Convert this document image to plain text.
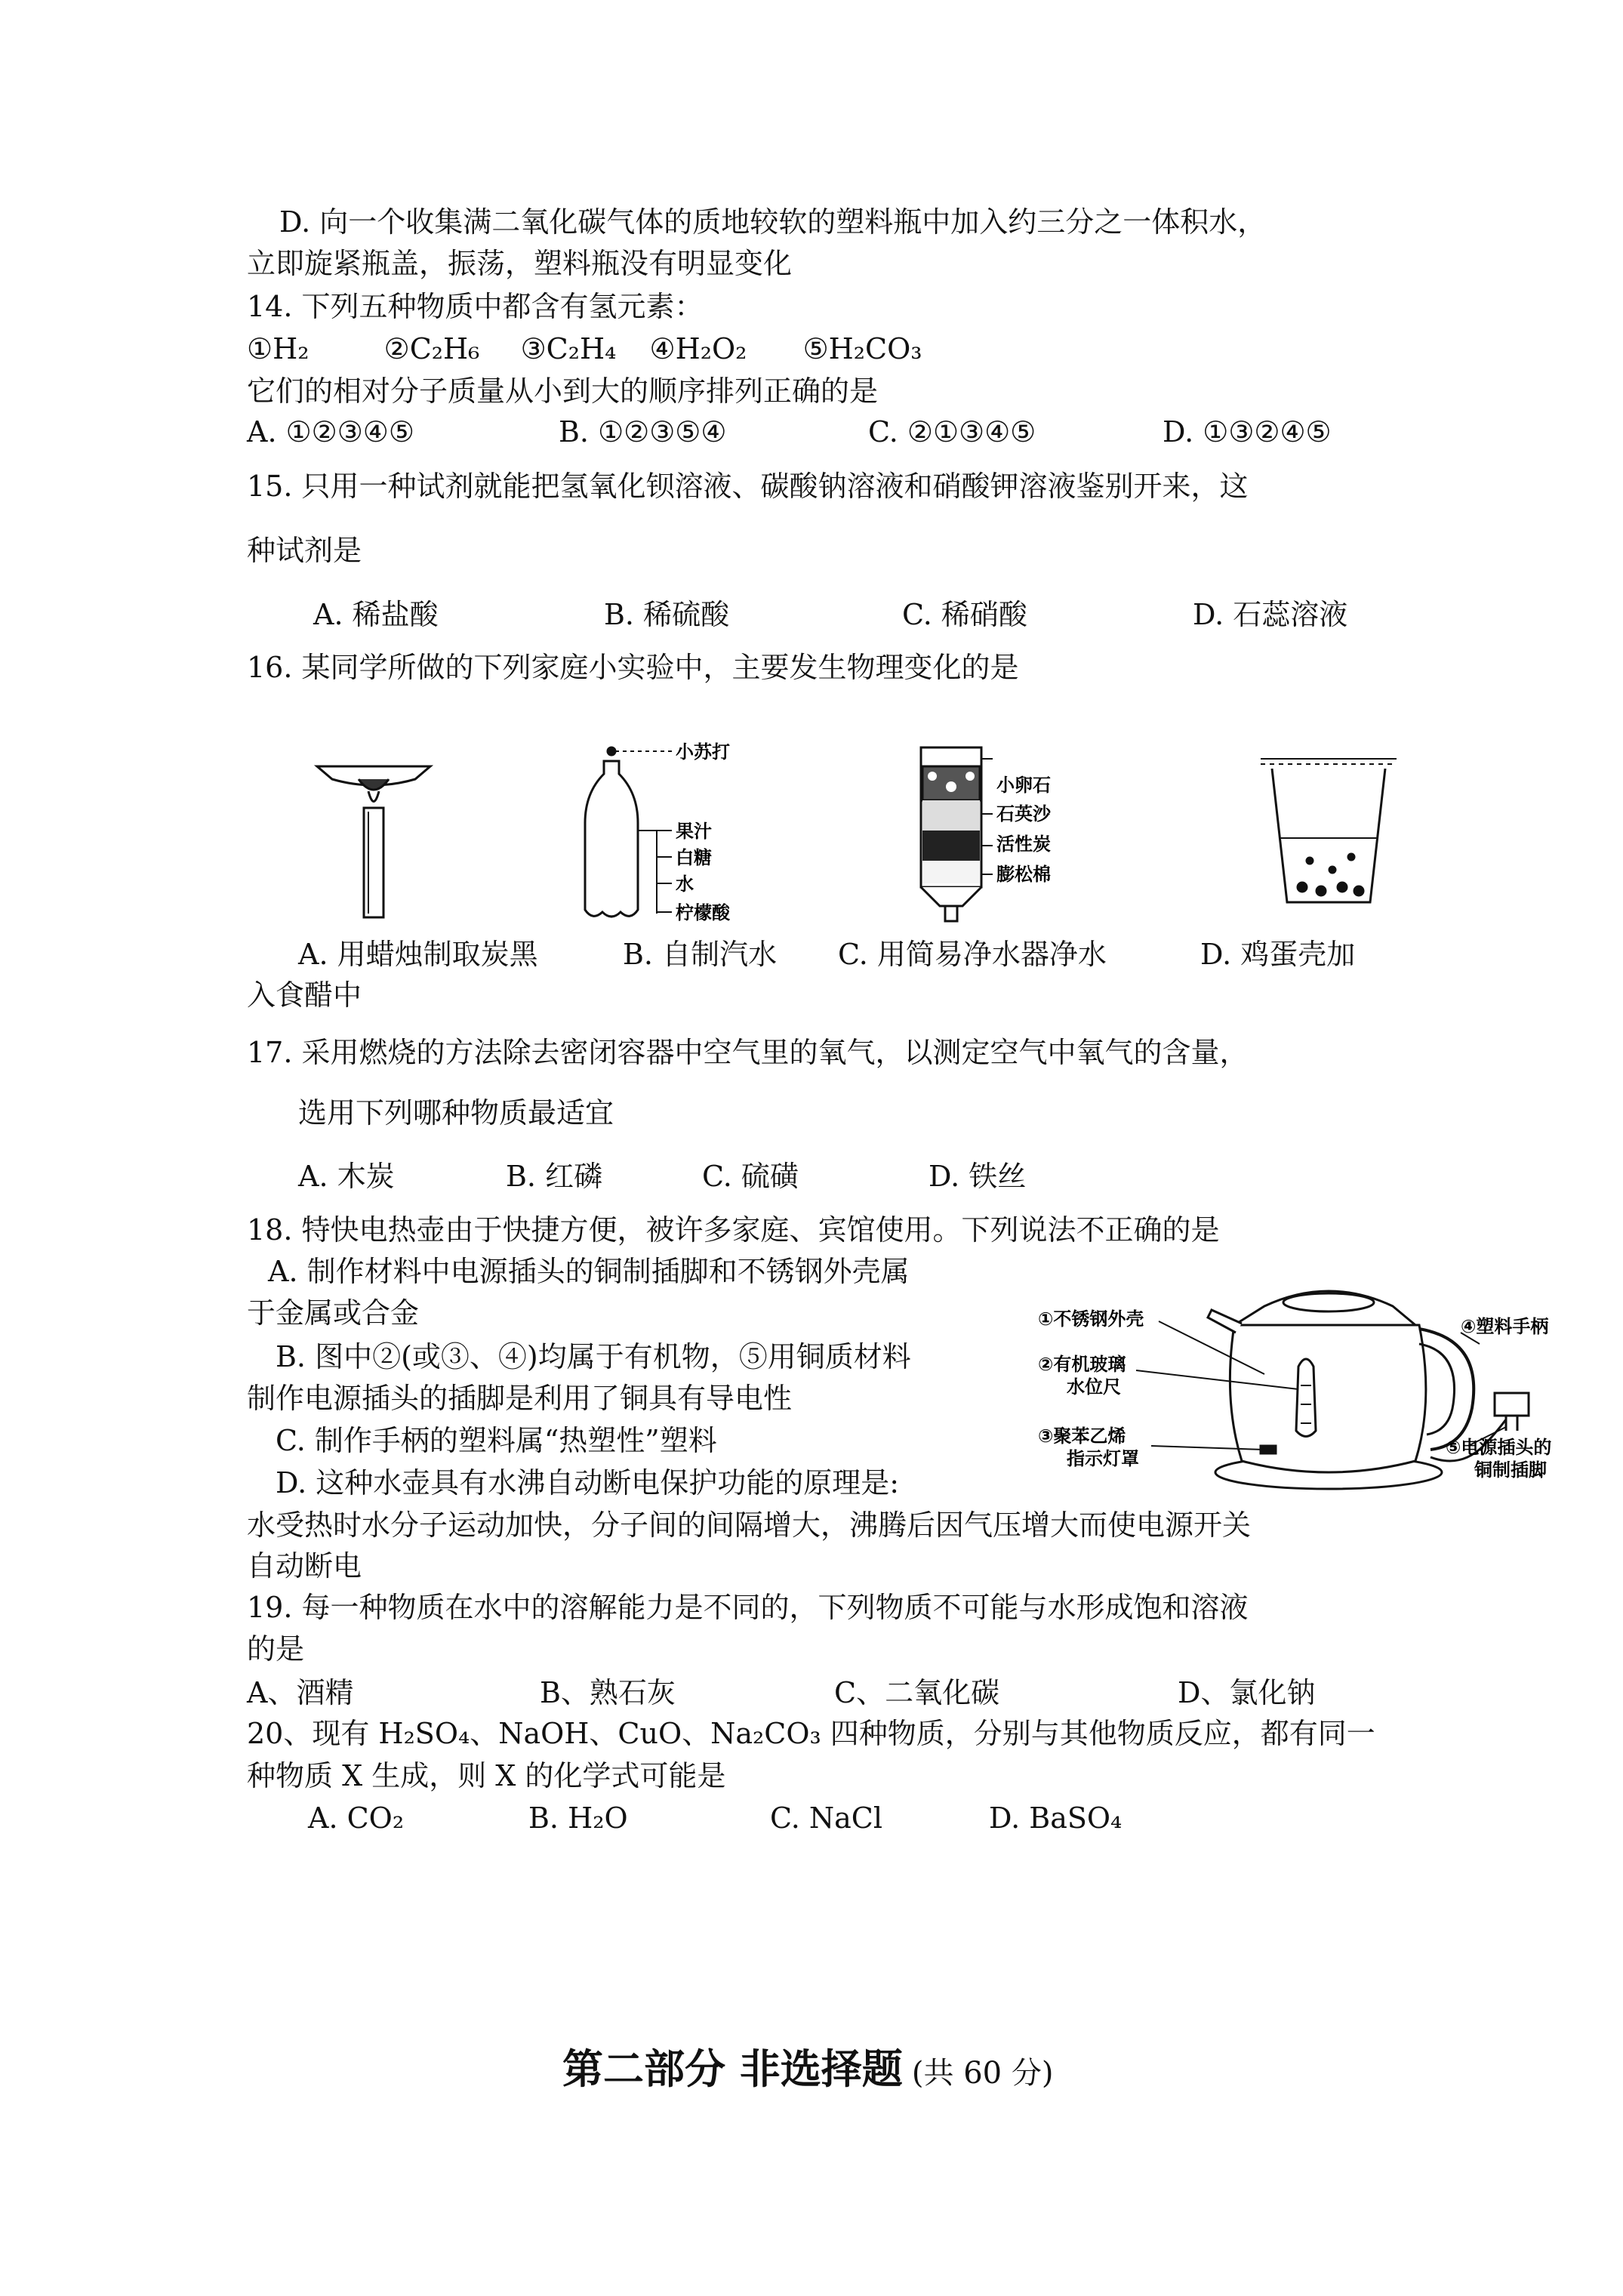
D. 向一个收集满二氧化碳气体的质地较软的塑料瓶中加入约三分之一体积水，
立即旋紧瓶盖，振荡，塑料瓶没有明显变化
14. 下列五种物质中都含有氢元素：
①H₂	②C₂H₆ ③C₂H₄ ④H₂O₂ ⑤H₂CO₃
它们的相对分子质量从小到大的顺序排列正确的是
A. ①②③④⑤	B. ①②③⑤④	C. ②①③④⑤	D. ①③②④⑤
15. 只用一种试剂就能把氢氧化钡溶液、碳酸钠溶液和硝酸钾溶液鉴别开来，这
种试剂是
A. 稀盐酸	B. 稀硫酸	C. 稀硝酸	D. 石蕊溶液
16. 某同学所做的下列家庭小实验中，主要发生物理变化的是
小苏打
果汁
白糖
水
柠檬酸
小卵石
石英沙
活性炭
膨松棉
A. 用蜡烛制取炭黑	B. 自制汽水 C. 用简易净水器净水	D. 鸡蛋壳加
入食醋中
17. 采用燃烧的方法除去密闭容器中空气里的氧气，以测定空气中氧气的含量，
选用下列哪种物质最适宜
A. 木炭	B. 红磷	C. 硫磺	D. 铁丝
18. 特快电热壶由于快捷方便，被许多家庭、宾馆使用。下列说法不正确的是
A. 制作材料中电源插头的铜制插脚和不锈钢外壳属
于金属或合金
B. 图中②(或③、④)均属于有机物，⑤用铜质材料
制作电源插头的插脚是利用了铜具有导电性
C. 制作手柄的塑料属“热塑性”塑料
D. 这种水壶具有水沸自动断电保护功能的原理是:
水受热时水分子运动加快，分子间的间隔增大，沸腾后因气压增大而使电源开关
自动断电
①不锈钢外壳
②有机玻璃
水位尺
③聚苯乙烯
指示灯罩
④塑料手柄
⑤电源插头的
铜制插脚
19. 每一种物质在水中的溶解能力是不同的，下列物质不可能与水形成饱和溶液
的是
A、酒精	B、熟石灰	C、二氧化碳	D、氯化钠
20、现有 H₂SO₄、NaOH、CuO、Na₂CO₃ 四种物质，分别与其他物质反应，都有同一
种物质 X 生成，则 X 的化学式可能是
A. CO₂	B. H₂O	C. NaCl	D. BaSO₄
第二部分 非选择题 (共 60 分)
